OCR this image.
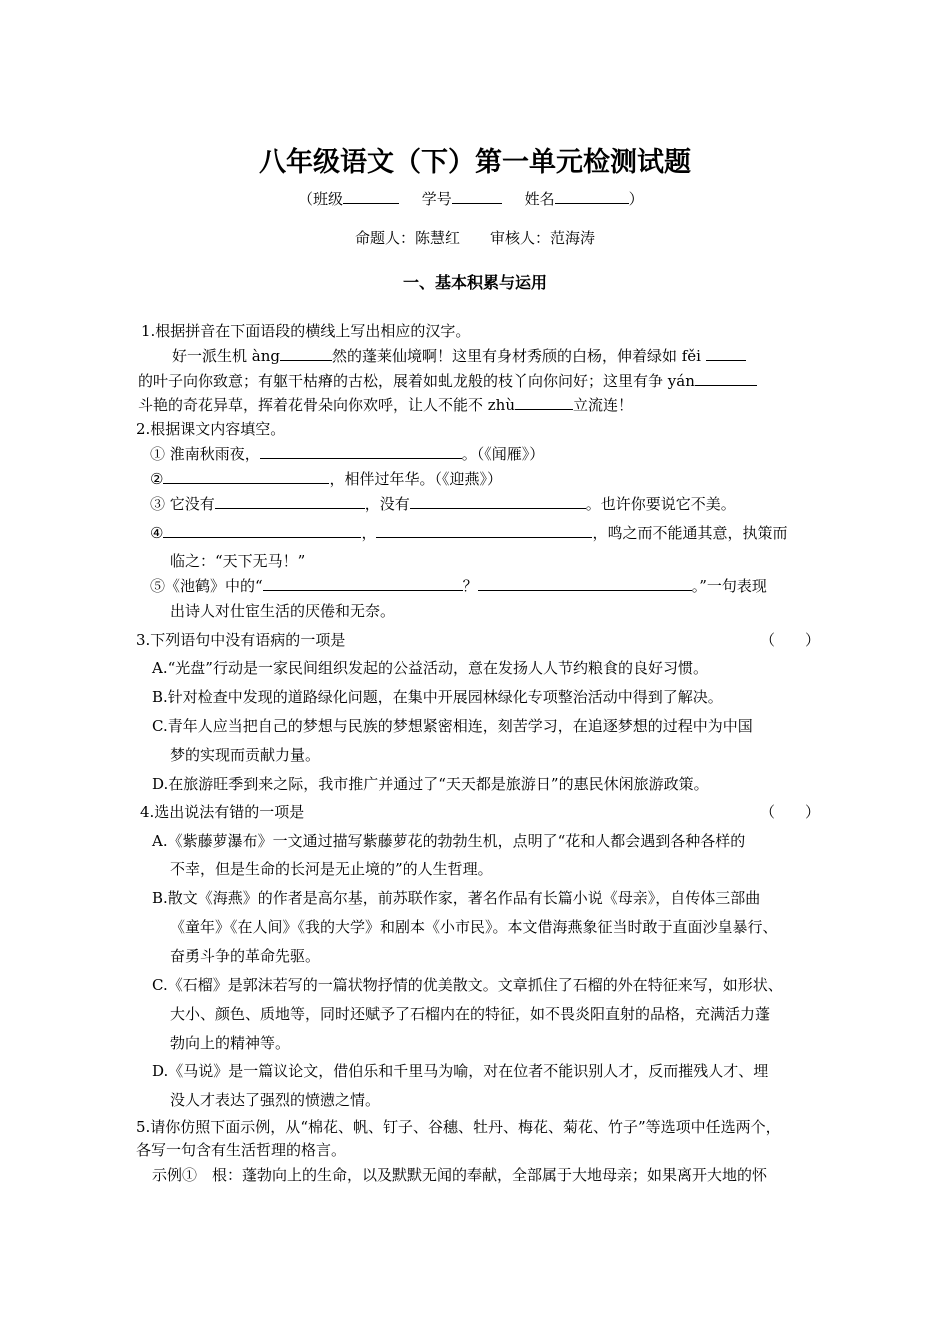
八年级语文（下）第一单元检测试题
（班级	学号	姓名	）
命题人：陈慧红　　审核人：范海涛
一、基本积累与运用
1.根据拼音在下面语段的横线上写出相应的汉字。
好一派生机 àng	然的蓬莱仙境啊！这里有身材秀颀的白杨，伸着绿如 fěi
的叶子向你致意；有躯干枯瘠的古松，展着如虬龙般的枝丫向你问好；这里有争 yán
斗艳的奇花异草，挥着花骨朵向你欢呼，让人不能不 zhù	立流连！
2.根据课文内容填空。
① 淮南秋雨夜，	。（《闻雁》）
②	，相伴过年华。（《迎燕》）
③ 它没有	，没有	。也许你要说它不美。
④	，	，鸣之而不能通其意，执策而
临之：“天下无马！”
⑤《池鹤》中的“	？	。”一句表现
出诗人对仕宦生活的厌倦和无奈。
3.下列语句中没有语病的一项是	（　　）
A.“光盘”行动是一家民间组织发起的公益活动，意在发扬人人节约粮食的良好习惯。
B.针对检查中发现的道路绿化问题，在集中开展园林绿化专项整治活动中得到了解决。
C.青年人应当把自己的梦想与民族的梦想紧密相连，刻苦学习，在追逐梦想的过程中为中国
梦的实现而贡献力量。
D.在旅游旺季到来之际，我市推广并通过了“天天都是旅游日”的惠民休闲旅游政策。
4.选出说法有错的一项是	（　　）
A.《紫藤萝瀑布》一文通过描写紫藤萝花的勃勃生机，点明了“花和人都会遇到各种各样的
不幸，但是生命的长河是无止境的”的人生哲理。
B.散文《海燕》的作者是高尔基，前苏联作家，著名作品有长篇小说《母亲》，自传体三部曲
《童年》《在人间》《我的大学》和剧本《小市民》。本文借海燕象征当时敢于直面沙皇暴行、
奋勇斗争的革命先驱。
C.《石榴》是郭沫若写的一篇状物抒情的优美散文。文章抓住了石榴的外在特征来写，如形状、
大小、颜色、质地等，同时还赋予了石榴内在的特征，如不畏炎阳直射的品格，充满活力蓬
勃向上的精神等。
D.《马说》是一篇议论文，借伯乐和千里马为喻，对在位者不能识别人才，反而摧残人才、埋
没人才表达了强烈的愤懑之情。
5.请你仿照下面示例，从“棉花、帆、钉子、谷穗、牡丹、梅花、菊花、竹子”等选项中任选两个，
各写一句含有生活哲理的格言。
示例①　根：蓬勃向上的生命，以及默默无闻的奉献，全部属于大地母亲；如果离开大地的怀
